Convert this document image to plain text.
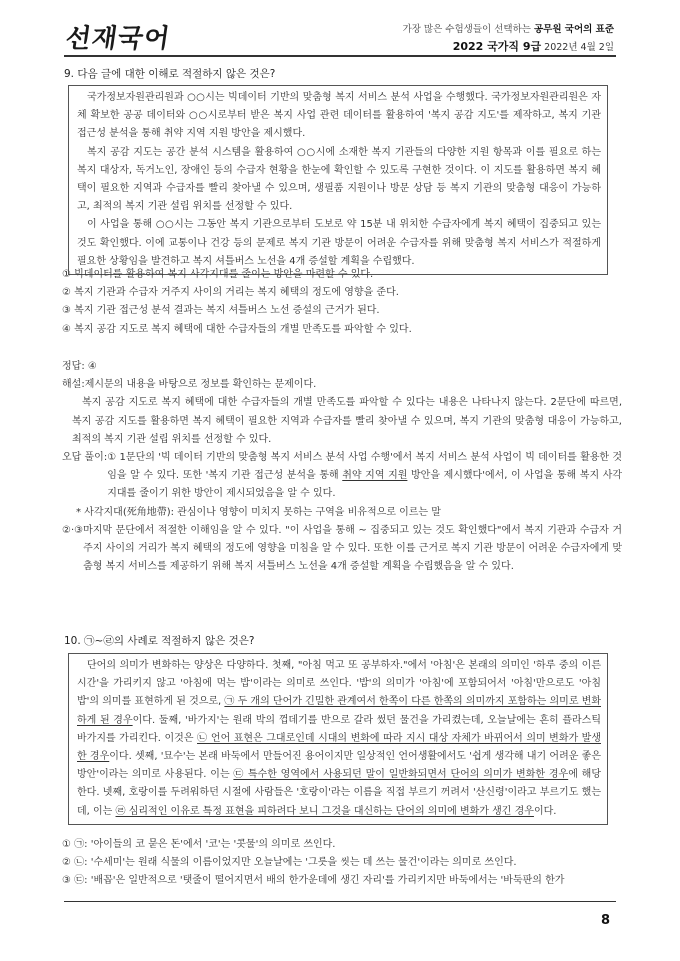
선재국어	가장 많은 수험생들이 선택하는 공무원 국어의 표준
2022 국가직 9급 2022년 4월 2일
9. 다음 글에 대한 이해로 적절하지 않은 것은?

국가정보자원관리원과 ○○시는 빅데이터 기반의 맞춤형 복지 서비스 분석 사업을 수행했다. 국가정보자원관리원은 자체 확보한 공공 데이터와 ○○시로부터 받은 복지 사업 관련 데이터를 활용하여 '복지 공감 지도'를 제작하고, 복지 기관 접근성 분석을 통해 취약 지역 지원 방안을 제시했다.

복지 공감 지도는 공간 분석 시스템을 활용하여 ○○시에 소재한 복지 기관들의 다양한 지원 항목과 이를 필요로 하는 복지 대상자, 독거노인, 장애인 등의 수급자 현황을 한눈에 확인할 수 있도록 구현한 것이다. 이 지도를 활용하면 복지 혜택이 필요한 지역과 수급자를 빨리 찾아낼 수 있으며, 생필품 지원이나 방문 상담 등 복지 기관의 맞춤형 대응이 가능하고, 최적의 복지 기관 설립 위치를 선정할 수 있다.

이 사업을 통해 ○○시는 그동안 복지 기관으로부터 도보로 약 15분 내 위치한 수급자에게 복지 혜택이 집중되고 있는 것도 확인했다. 이에 교통이나 건강 등의 문제로 복지 기관 방문이 어려운 수급자를 위해 맞춤형 복지 서비스가 적절하게 필요한 상황임을 발견하고 복지 셔틀버스 노선을 4개 증설할 계획을 수립했다.

① 빅데이터를 활용하여 복지 사각지대를 줄이는 방안을 마련할 수 있다.
② 복지 기관과 수급자 거주지 사이의 거리는 복지 혜택의 정도에 영향을 준다.
③ 복지 기관 접근성 분석 결과는 복지 셔틀버스 노선 증설의 근거가 된다.
④ 복지 공감 지도로 복지 혜택에 대한 수급자들의 개별 만족도를 파악할 수 있다.
정답: ④
해설: 제시문의 내용을 바탕으로 정보를 확인하는 문제이다.
복지 공감 지도로 복지 혜택에 대한 수급자들의 개별 만족도를 파악할 수 있다는 내용은 나타나지 않는다. 2문단에 따르면, 복지 공감 지도를 활용하면 복지 혜택이 필요한 지역과 수급자를 빨리 찾아낼 수 있으며, 복지 기관의 맞춤형 대응이 가능하고, 최적의 복지 기관 설립 위치를 선정할 수 있다.
오답 풀이: ① 1문단의 '빅 데이터 기반의 맞춤형 복지 서비스 분석 사업 수행'에서 복지 서비스 분석 사업이 빅 데이터를 활용한 것임을 알 수 있다. 또한 '복지 기관 접근성 분석을 통해 취약 지역 지원 방안을 제시했다'에서, 이 사업을 통해 복지 사각지대를 줄이기 위한 방안이 제시되었음을 알 수 있다.
* 사각지대(死角地帶): 관심이나 영향이 미치지 못하는 구역을 비유적으로 이르는 말
②·③ 마지막 문단에서 적절한 이해임을 알 수 있다. "이 사업을 통해 ~ 집중되고 있는 것도 확인했다"에서 복지 기관과 수급자 거주지 사이의 거리가 복지 혜택의 정도에 영향을 미침을 알 수 있다. 또한 이를 근거로 복지 기관 방문이 어려운 수급자에게 맞춤형 복지 서비스를 제공하기 위해 복지 셔틀버스 노선을 4개 증설할 계획을 수립했음을 알 수 있다.
10. ㉠~㉣의 사례로 적절하지 않은 것은?

단어의 의미가 변화하는 양상은 다양하다. 첫째, "아침 먹고 또 공부하자."에서 '아침'은 본래의 의미인 '하루 중의 이른 시간'을 가리키지 않고 '아침에 먹는 밥'이라는 의미로 쓰인다. '밥'의 의미가 '아침'에 포함되어서 '아침'만으로도 '아침밥'의 의미를 표현하게 된 것으로, ㉠ 두 개의 단어가 긴밀한 관계여서 한쪽이 다른 한쪽의 의미까지 포함하는 의미로 변화하게 된 경우이다. 둘째, '바가지'는 원래 박의 껍데기를 반으로 갈라 썼던 물건을 가리켰는데, 오늘날에는 흔히 플라스틱 바가지를 가리킨다. 이것은 ㉡ 언어 표현은 그대로인데 시대의 변화에 따라 지시 대상 자체가 바뀌어서 의미 변화가 발생한 경우이다. 셋째, '묘수'는 본래 바둑에서 만들어진 용어이지만 일상적인 언어생활에서도 '쉽게 생각해 내기 어려운 좋은 방안'이라는 의미로 사용된다. 이는 ㉢ 특수한 영역에서 사용되던 말이 일반화되면서 단어의 의미가 변화한 경우에 해당한다. 넷째, 호랑이를 두려워하던 시절에 사람들은 '호랑이'라는 이름을 직접 부르기 꺼려서 '산신령'이라고 부르기도 했는데, 이는 ㉣ 심리적인 이유로 특정 표현을 피하려다 보니 그것을 대신하는 단어의 의미에 변화가 생긴 경우이다.

① ㉠: '아이들의 코 묻은 돈'에서 '코'는 '콧물'의 의미로 쓰인다.
② ㉡: '수세미'는 원래 식물의 이름이었지만 오늘날에는 '그릇을 씻는 데 쓰는 물건'이라는 의미로 쓰인다.
③ ㉢: '배꼽'은 일반적으로 '탯줄이 떨어지면서 배의 한가운데에 생긴 자리'를 가리키지만 바둑에서는 '바둑판의 한가
8
